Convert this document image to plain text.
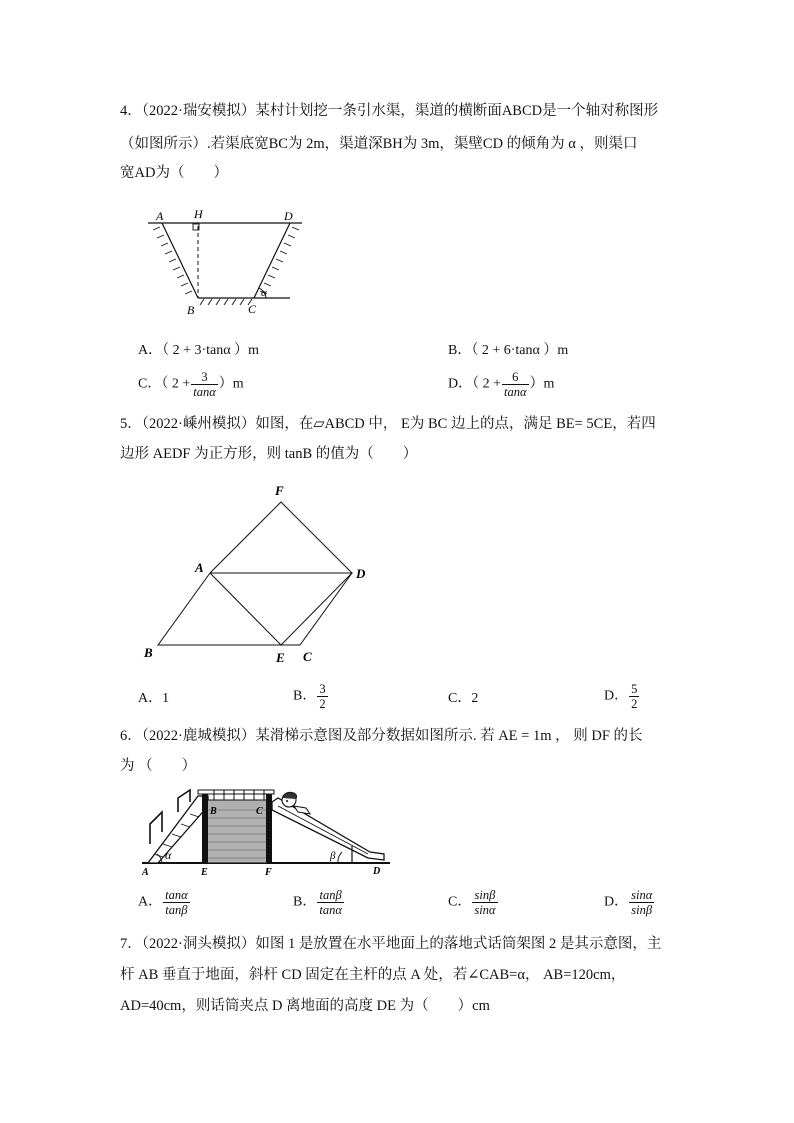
4．（2022·瑞安模拟）某村计划挖一条引水渠，渠道的横断面ABCD是一个轴对称图形
（如图所示）.若渠底宽BC为 2m，渠道深BH为 3m，渠壁CD 的倾角为 α ，则渠口
宽AD为（　　）
A	H	D
B	C
α
A．（ 2 + 3·tanα ）m	B．（ 2 + 6·tanα ）m
C．（ $2 + \frac{3}{\tan\alpha} )m$	D．（ $2 + \frac{6}{\tan\alpha} )m$
5．（2022·嵊州模拟）如图，在▱ABCD 中， E为 BC 边上的点，满足 BE= 5CE，若四
边形 AEDF 为正方形，则 tanB 的值为（　　）
F
A	D
B	E C
A．1	B． $\frac{3}{2}$	C．2	D． $\frac{5}{2}$
6．（2022·鹿城模拟）某滑梯示意图及部分数据如图所示. 若 AE = 1m ， 则 DF 的长
为 （　　）
α	β
A
B	C
E	F	D
A． $\frac{\tan\alpha}{\tan\beta}$	B． $\frac{\tan\beta}{\tan\alpha}$	C． $\frac{\sin\beta}{\sin\alpha}$	D． $\frac{\sin\alpha}{\sin\beta}$
7．（2022·洞头模拟）如图 1 是放置在水平地面上的落地式话筒架图 2 是其示意图，主
杆 AB 垂直于地面，斜杆 CD 固定在主杆的点 A 处，若∠CAB=α， AB=120cm，
AD=40cm，则话筒夹点 D 离地面的高度 DE 为（　　）cm
